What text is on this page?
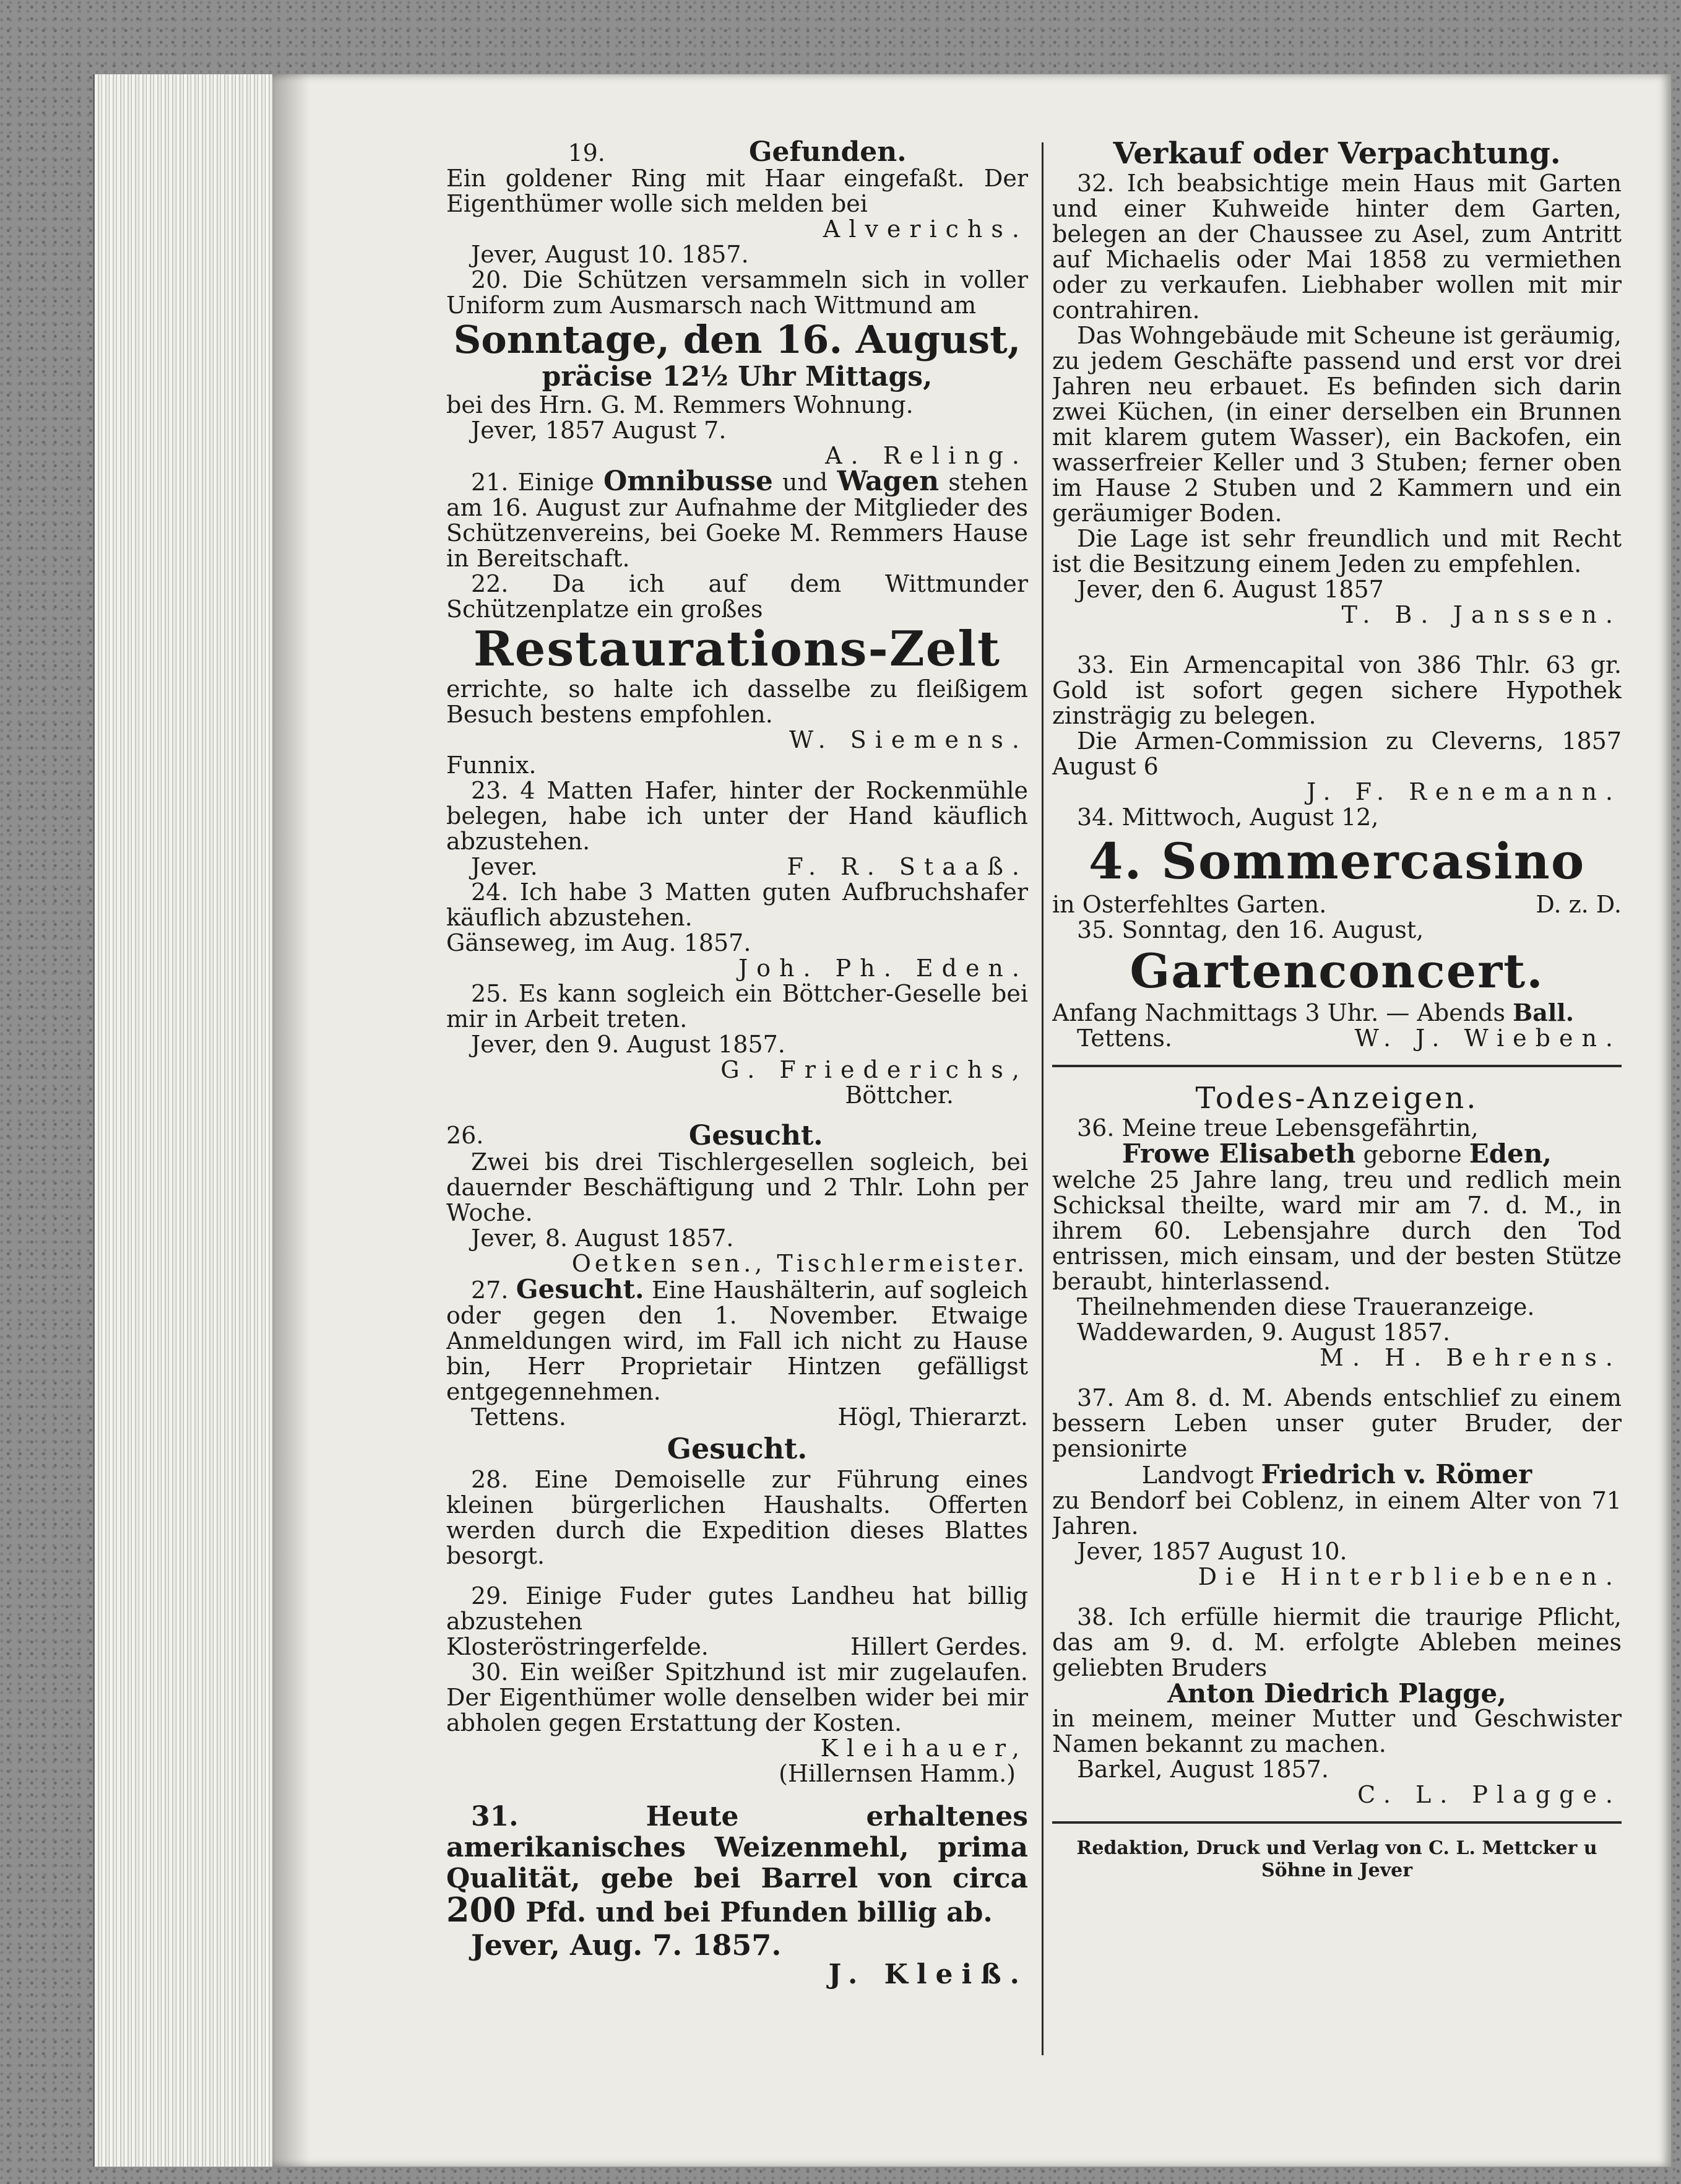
19.	Gefunden.

Ein goldener Ring mit Haar eingefaßt. Der Eigenthümer wolle sich melden bei

Alverichs.

Jever, August 10. 1857.

20. Die Schützen versammeln sich in voller Uniform zum Ausmarsch nach Wittmund am

Sonntage, den 16. August,
präcise 12½ Uhr Mittags,

bei des Hrn. G. M. Remmers Wohnung.

Jever, 1857 August 7.

A. Reling.

21. Einige Omnibusse und Wagen stehen am 16. August zur Aufnahme der Mitglieder des Schützenvereins, bei Goeke M. Remmers Hause in Bereitschaft.

22. Da ich auf dem Wittmunder Schützenplatze ein großes

Restaurations-Zelt

errichte, so halte ich dasselbe zu fleißigem Besuch bestens empfohlen.

W. Siemens.

Funnix.

23. 4 Matten Hafer, hinter der Rockenmühle belegen, habe ich unter der Hand käuflich abzustehen.

Jever.	F. R. Staaß.

24. Ich habe 3 Matten guten Aufbruchshafer käuflich abzustehen.

Gänseweg, im Aug. 1857.

Joh. Ph. Eden.

25. Es kann sogleich ein Böttcher-Geselle bei mir in Arbeit treten.

Jever, den 9. August 1857.

G. Friederichs,

Böttcher.

26.	Gesucht.

Zwei bis drei Tischlergesellen sogleich, bei dauernder Beschäftigung und 2 Thlr. Lohn per Woche.

Jever, 8. August 1857.

Oetken sen., Tischlermeister.

27. Gesucht. Eine Haushälterin, auf sogleich oder gegen den 1. November. Etwaige Anmeldungen wird, im Fall ich nicht zu Hause bin, Herr Proprietair Hintzen gefälligst entgegennehmen.

Tettens.	Högl, Thierarzt.
Gesucht.

28. Eine Demoiselle zur Führung eines kleinen bürgerlichen Haushalts. Offerten werden durch die Expedition dieses Blattes besorgt.

29. Einige Fuder gutes Landheu hat billig abzustehen

Klosteröstringerfelde.	Hillert Gerdes.

30. Ein weißer Spitzhund ist mir zugelaufen. Der Eigenthümer wolle denselben wider bei mir abholen gegen Erstattung der Kosten.

Kleihauer,

(Hillernsen Hamm.)

31. Heute erhaltenes amerikanisches Weizenmehl, prima Qualität, gebe bei Barrel von circa 200 Pfd. und bei Pfunden billig ab.

Jever, Aug. 7. 1857.

J. Kleiß.

Verkauf oder Verpachtung.

32. Ich beabsichtige mein Haus mit Garten und einer Kuhweide hinter dem Garten, belegen an der Chaussee zu Asel, zum Antritt auf Michaelis oder Mai 1858 zu vermiethen oder zu verkaufen. Liebhaber wollen mit mir contrahiren.

Das Wohngebäude mit Scheune ist geräumig, zu jedem Geschäfte passend und erst vor drei Jahren neu erbauet. Es befinden sich darin zwei Küchen, (in einer derselben ein Brunnen mit klarem gutem Wasser), ein Backofen, ein wasserfreier Keller und 3 Stuben; ferner oben im Hause 2 Stuben und 2 Kammern und ein geräumiger Boden.

Die Lage ist sehr freundlich und mit Recht ist die Besitzung einem Jeden zu empfehlen.

Jever, den 6. August 1857

T. B. Janssen.

33. Ein Armencapital von 386 Thlr. 63 gr. Gold ist sofort gegen sichere Hypothek zinsträgig zu belegen.

Die Armen-Commission zu Cleverns, 1857 August 6

J. F. Renemann.

34. Mittwoch, August 12,

4. Sommercasino
in Osterfehltes Garten.	D. z. D.

35. Sonntag, den 16. August,

Gartenconcert.

Anfang Nachmittags 3 Uhr. — Abends Ball.

Tettens.	W. J. Wieben.
Todes-Anzeigen.

36. Meine treue Lebensgefährtin,

Frowe Elisabeth geborne Eden,

welche 25 Jahre lang, treu und redlich mein Schicksal theilte, ward mir am 7. d. M., in ihrem 60. Lebensjahre durch den Tod entrissen, mich einsam, und der besten Stütze beraubt, hinterlassend.

Theilnehmenden diese Traueranzeige.

Waddewarden, 9. August 1857.

M. H. Behrens.

37. Am 8. d. M. Abends entschlief zu einem bessern Leben unser guter Bruder, der pensionirte

Landvogt Friedrich v. Römer

zu Bendorf bei Coblenz, in einem Alter von 71 Jahren.

Jever, 1857 August 10.

Die Hinterbliebenen.

38. Ich erfülle hiermit die traurige Pflicht, das am 9. d. M. erfolgte Ableben meines geliebten Bruders

Anton Diedrich Plagge,

in meinem, meiner Mutter und Geschwister Namen bekannt zu machen.

Barkel, August 1857.

C. L. Plagge.

Redaktion, Druck und Verlag von C. L. Mettcker u Söhne in Jever
